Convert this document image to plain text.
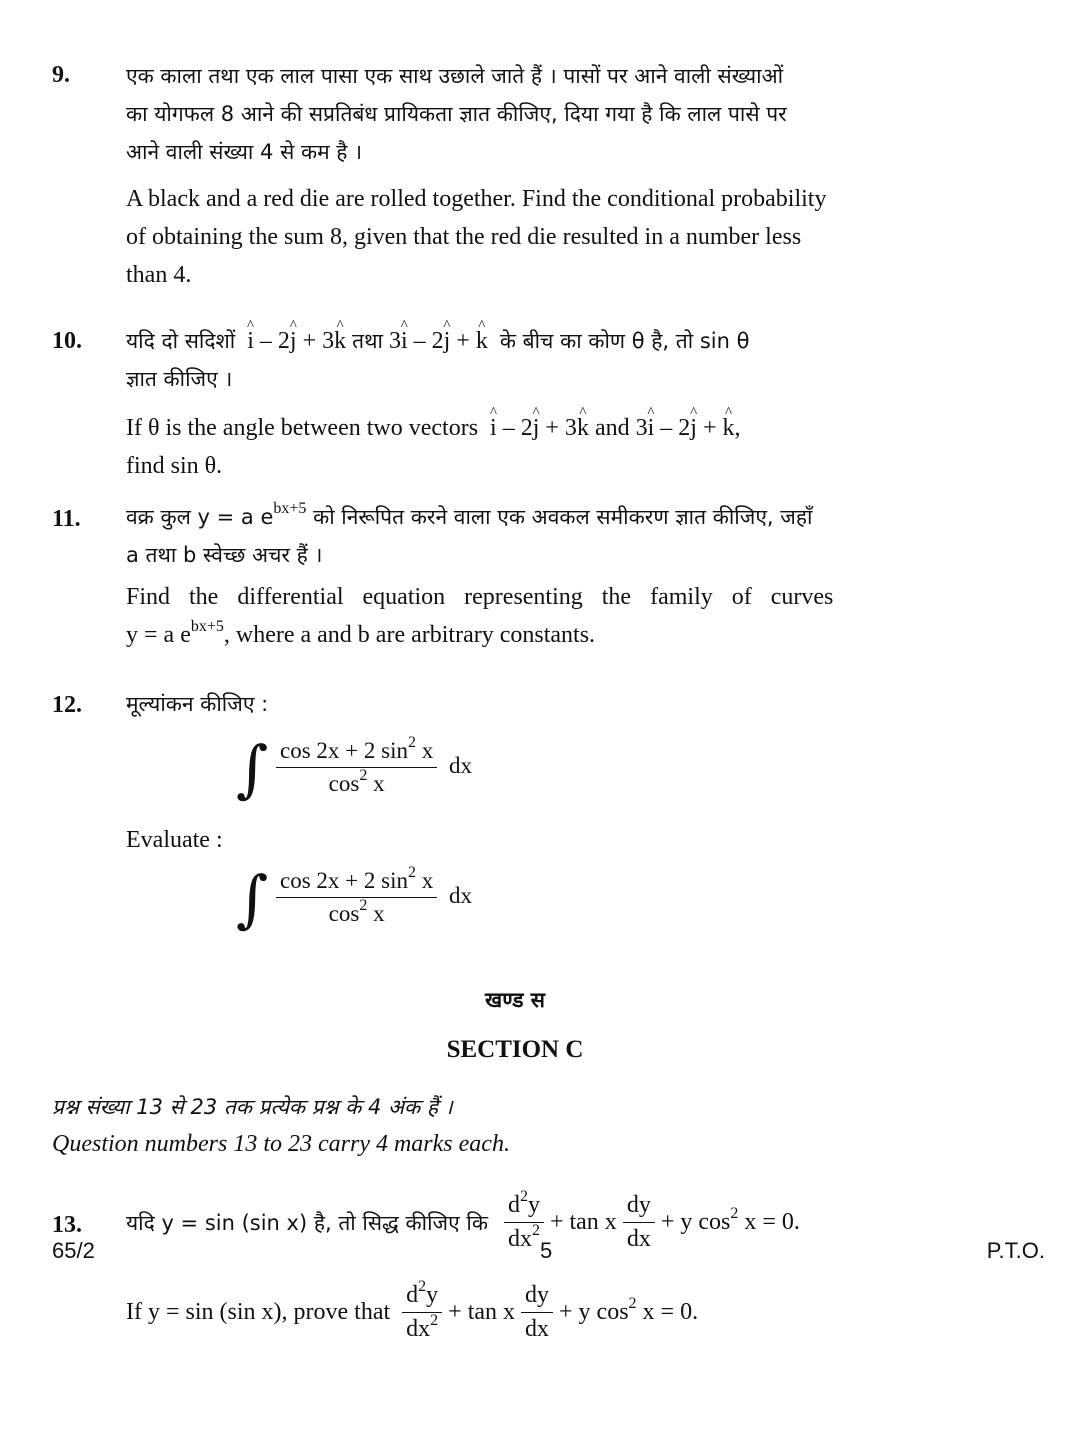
9.	एक काला तथा एक लाल पासा एक साथ उछाले जाते हैं । पासों पर आने वाली संख्याओं
का योगफल 8 आने की सप्रतिबंध प्रायिकता ज्ञात कीजिए, दिया गया है कि लाल पासे पर
आने वाली संख्या 4 से कम है ।
A black and a red die are rolled together. Find the conditional probability
of obtaining the sum 8, given that the red die resulted in a number less
than 4.
10. यदि दो सदिशों ^ i – 2^ j + 3^ k तथा 3^ i – 2^ j + ^ k के बीच का कोण θ है, तो sin θ
ज्ञात कीजिए ।
If θ is the angle between two vectors ^ i – 2^ j + 3^ k and 3^ i – 2^ j + ^ k,
find sin θ.
11. वक्र कुल y = a $e^{bx+5}$ को निरूपित करने वाला एक अवकल समीकरण ज्ञात कीजिए, जहाँ
a तथा b स्वेच्छ अचर हैं ।
Find the differential equation representing the family of curves
y = a $e^{bx+5}$, where a and b are arbitrary constants.
12. मूल्यांकन कीजिए :
∫ $\frac{\cos 2x + 2 \sin^2 x}{\cos^2 x}$ dx
Evaluate :
∫ $\frac{\cos 2x + 2 \sin^2 x}{\cos^2 x}$ dx
खण्ड स
SECTION C
प्रश्न संख्या 13 से 23 तक प्रत्येक प्रश्न के 4 अंक हैं ।
Question numbers 13 to 23 carry 4 marks each.
13. यदि y = sin (sin x) है, तो सिद्ध कीजिए कि $\frac{d^2y}{dx^2} + \tan x \frac{dy}{dx} + y$ $\cos^2 x = 0$.
If y = sin (sin x), prove that $\frac{d^2y}{dx^2} + \tan x \frac{dy}{dx} + y$ $\cos^2 x = 0$.
65/2	5	P.T.O.
